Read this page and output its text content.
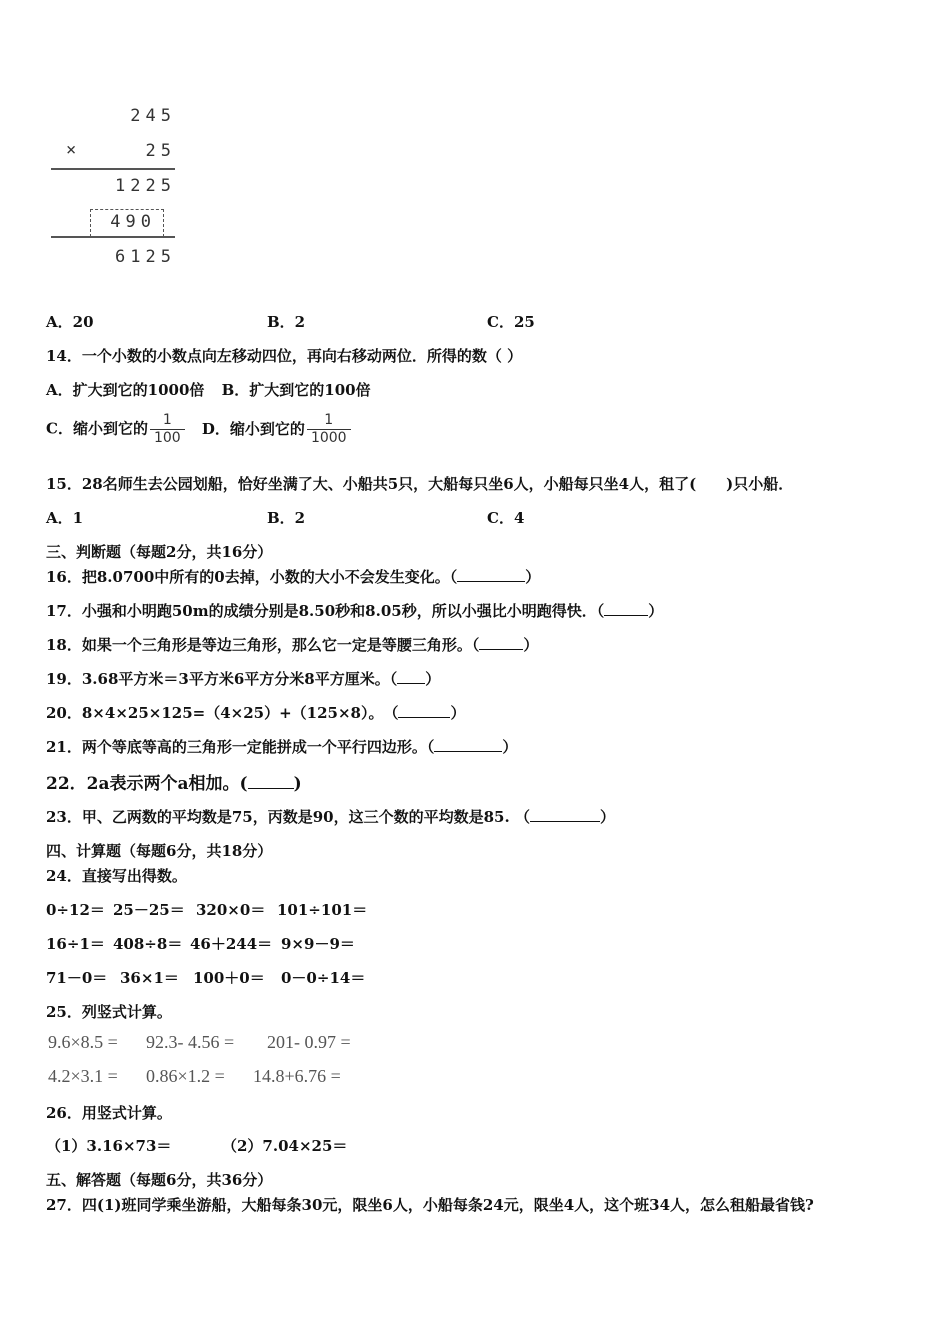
245
×	25
1225
490
6125
A．20	B．2	C．25
14．一个小数的小数点向左移动四位，再向右移动两位．所得的数（ ）
A．扩大到它的1000倍 B．扩大到它的100倍
C．缩小到它的 $\frac{1}{100}$ D．缩小到它的 $\frac{1}{1000}$
15．28名师生去公园划船，恰好坐满了大、小船共5只，大船每只坐6人，小船每只坐4人，租了(　　)只小船．
A．1	B．2	C．4
三、判断题（每题2分，共16分）
16．把8.0700中所有的0去掉，小数的大小不会发生变化。（	）
17．小强和小明跑50m的成绩分别是8.50秒和8.05秒，所以小强比小明跑得快．（	）
18．如果一个三角形是等边三角形，那么它一定是等腰三角形。（	）
19．3.68平方米＝3平方米6平方分米8平方厘米。（ ）
20．8×4×25×125=（4×25）+（125×8）。　（	）
21．两个等底等高的三角形一定能拼成一个平行四边形。（	）
22．2a表示两个a相加。(	)
23．甲、乙两数的平均数是75，丙数是90，这三个数的平均数是85. （	）
四、计算题（每题6分，共18分）
24．直接写出得数。
0÷12＝ 25－25＝ 320×0＝ 101÷101＝
16÷1＝ 408÷8＝ 46＋244＝ 9×9－9＝
71－0＝ 36×1＝ 100＋0＝ 0－0÷14＝
25．列竖式计算。
9.6×8.5 = 92.3- 4.56 = 201- 0.97 =
4.2×3.1 = 0.86×1.2 = 14.8+6.76 =
26．用竖式计算。
（1）3.16×73＝	（2）7.04×25＝
五、解答题（每题6分，共36分）
27．四(1)班同学乘坐游船，大船每条30元，限坐6人，小船每条24元，限坐4人，这个班34人，怎么租船最省钱?
